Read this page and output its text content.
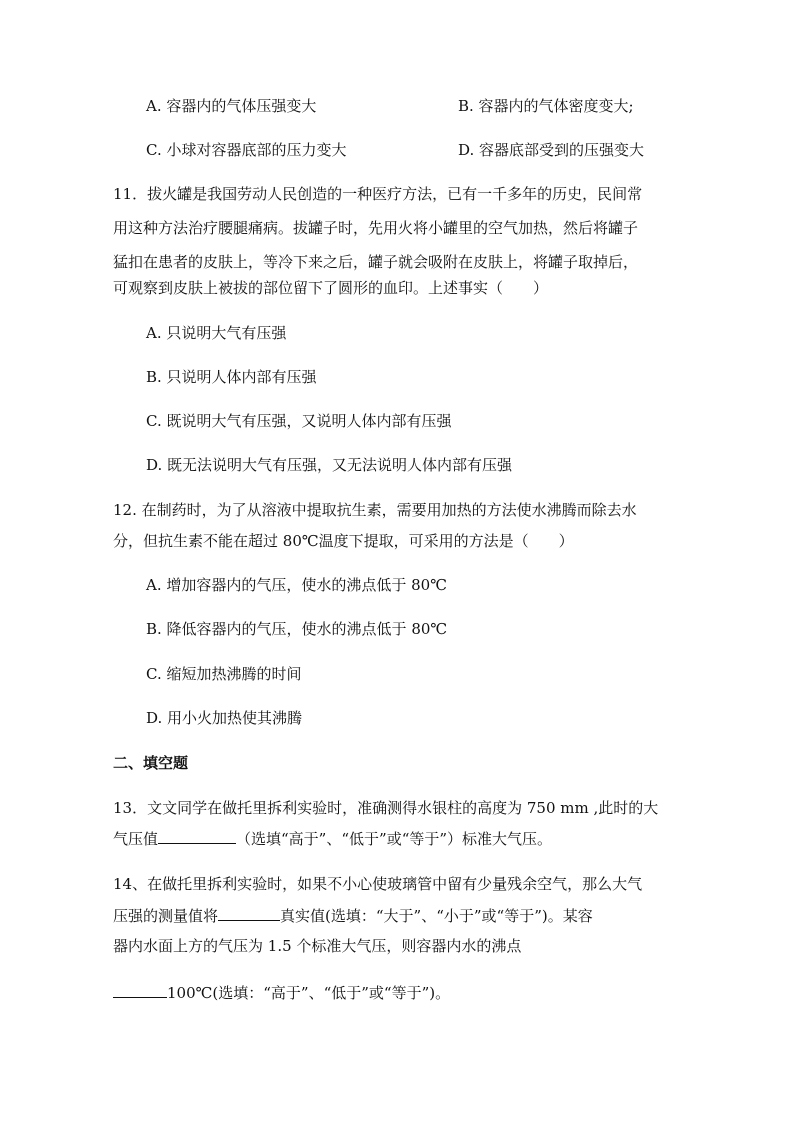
A. 容器内的气体压强变大	B. 容器内的气体密度变大;
C. 小球对容器底部的压力变大	D. 容器底部受到的压强变大
11．拔火罐是我国劳动人民创造的一种医疗方法，已有一千多年的历史，民间常
用这种方法治疗腰腿痛病。拔罐子时，先用火将小罐里的空气加热，然后将罐子
猛扣在患者的皮肤上，等冷下来之后，罐子就会吸附在皮肤上，将罐子取掉后，
可观察到皮肤上被拔的部位留下了圆形的血印。上述事实（　　）
A. 只说明大气有压强
B. 只说明人体内部有压强
C. 既说明大气有压强，又说明人体内部有压强
D. 既无法说明大气有压强，又无法说明人体内部有压强
12. 在制药时，为了从溶液中提取抗生素，需要用加热的方法使水沸腾而除去水
分，但抗生素不能在超过 80℃温度下提取，可采用的方法是（　　）
A. 增加容器内的气压，使水的沸点低于 80℃
B. 降低容器内的气压，使水的沸点低于 80℃
C. 缩短加热沸腾的时间
D. 用小火加热使其沸腾
二、填空题
13．文文同学在做托里拆利实验时，准确测得水银柱的高度为 750 mm ,此时的大
气压值	（选填“高于”、“低于”或“等于”）标准大气压。
14、在做托里拆利实验时，如果不小心使玻璃管中留有少量残余空气，那么大气
压强的测量值将	真实值(选填：“大于”、“小于”或“等于”)。某容
器内水面上方的气压为 1.5 个标准大气压，则容器内水的沸点
100℃(选填：“高于”、“低于”或“等于”)。
